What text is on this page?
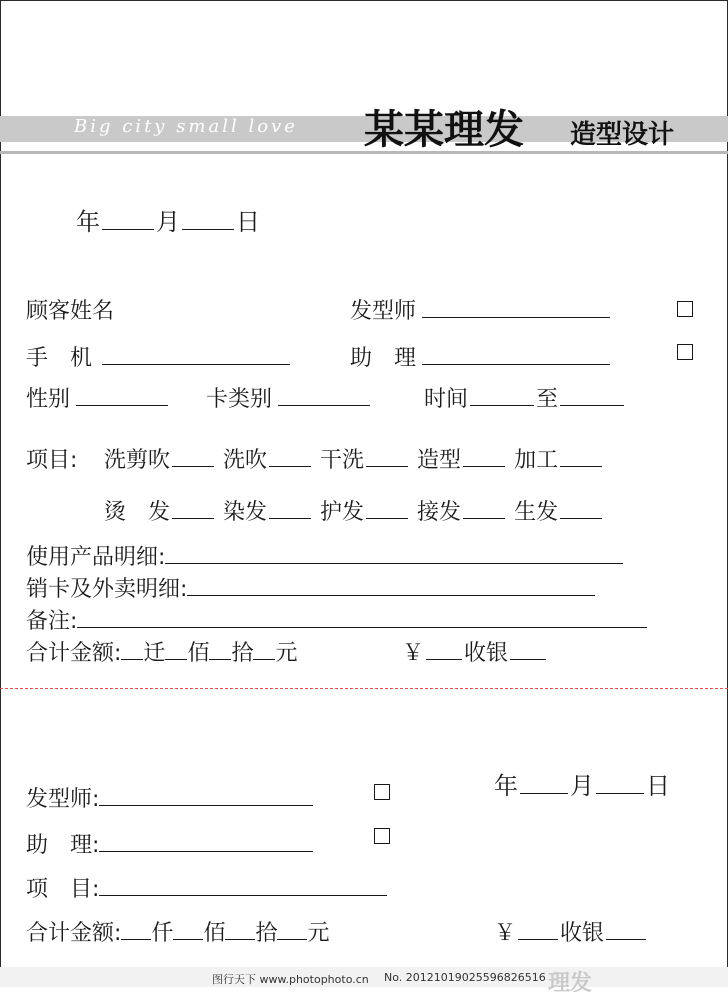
Big city small love 某某理发 造型设计
年 月 日
顾客姓名	发型师
手　机	助　理
性别	卡类别	时间	至
项目: 洗剪吹 洗吹 干洗 造型 加工
烫　发 染发 护发 接发 生发
使用产品明细:
销卡及外卖明细:
备注:
合计金额: 迁 佰 拾 元	￥ 收银
年 月 日
发型师:
助　理:
项　目:
合计金额: 仟 佰 拾 元	￥ 收银
图行天下 www.photophoto.cn No. 20121019025596826516 理发
